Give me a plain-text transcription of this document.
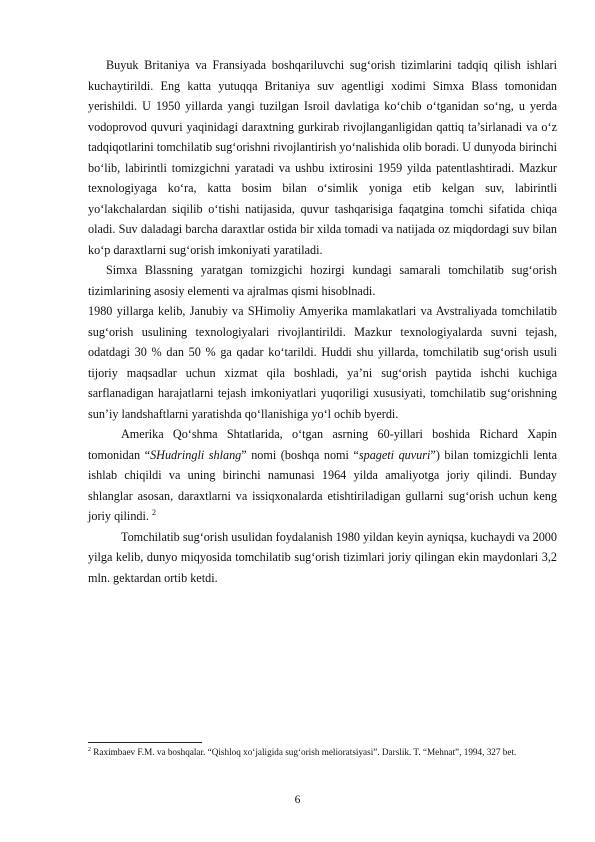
Buyuk Britaniya va Fransiyada boshqariluvchi sug‘orish tizimlarini tadqiq qilish ishlari kuchaytirildi. Eng katta yutuqqa Britaniya suv agentligi xodimi Simxa Blass tomonidan yerishildi. U 1950 yillarda yangi tuzilgan Isroil davlatiga ko‘chib o‘tganidan so‘ng, u yerda vodoprovod quvuri yaqinidagi daraxtning gurkirab rivojlanganligidan qattiq ta’sirlanadi va o‘z tadqiqotlarini tomchilatib sug‘orishni rivojlantirish yo‘nalishida olib boradi. U dunyoda birinchi bo‘lib, labirintli tomizgichni yaratadi va ushbu ixtirosini 1959 yilda patentlashtiradi. Mazkur texnologiyaga ko‘ra, katta bosim bilan o‘simlik yoniga etib kelgan suv, labirintli yo‘lakchalardan siqilib o‘tishi natijasida, quvur tashqarisiga faqatgina tomchi sifatida chiqa oladi. Suv daladagi barcha daraxtlar ostida bir xilda tomadi va natijada oz miqdordagi suv bilan ko‘p daraxtlarni sug‘orish imkoniyati yaratiladi.

Simxa Blassning yaratgan tomizgichi hozirgi kundagi samarali tomchilatib sug‘orish tizimlarining asosiy elementi va ajralmas qismi hisoblnadi.

1980 yillarga kelib, Janubiy va SHimoliy Amyerika mamlakatlari va Avstraliyada tomchilatib sug‘orish usulining texnologiyalari rivojlantirildi. Mazkur texnologiyalarda suvni tejash, odatdagi 30 % dan 50 % ga qadar ko‘tarildi. Huddi shu yillarda, tomchilatib sug‘orish usuli tijoriy maqsadlar uchun xizmat qila boshladi, ya’ni sug‘orish paytida ishchi kuchiga sarflanadigan harajatlarni tejash imkoniyatlari yuqoriligi xususiyati, tomchilatib sug‘orishning sun’iy landshaftlarni yaratishda qo‘llanishiga yo‘l ochib byerdi.

Amerika Qo‘shma Shtatlarida, o‘tgan asrning 60-yillari boshida Richard Xapin tomonidan “SHudringli shlang” nomi (boshqa nomi “spageti quvuri”) bilan tomizgichli lenta ishlab chiqildi va uning birinchi namunasi 1964 yilda amaliyotga joriy qilindi. Bunday shlanglar asosan, daraxtlarni va issiqxonalarda etishtiriladigan gullarni sug‘orish uchun keng joriy qilindi. $^2$

Tomchilatib sug‘orish usulidan foydalanish 1980 yildan keyin ayniqsa, kuchaydi va 2000 yilga kelib, dunyo miqyosida tomchilatib sug‘orish tizimlari joriy qilingan ekin maydonlari 3,2 mln. gektardan ortib ketdi.

$^2$ Raximbaev F.M. va boshqalar. “Qishloq xo‘jaligida sug‘orish melioratsiyasi”. Darslik. T. “Mehnat”, 1994, 327 bet.

6
